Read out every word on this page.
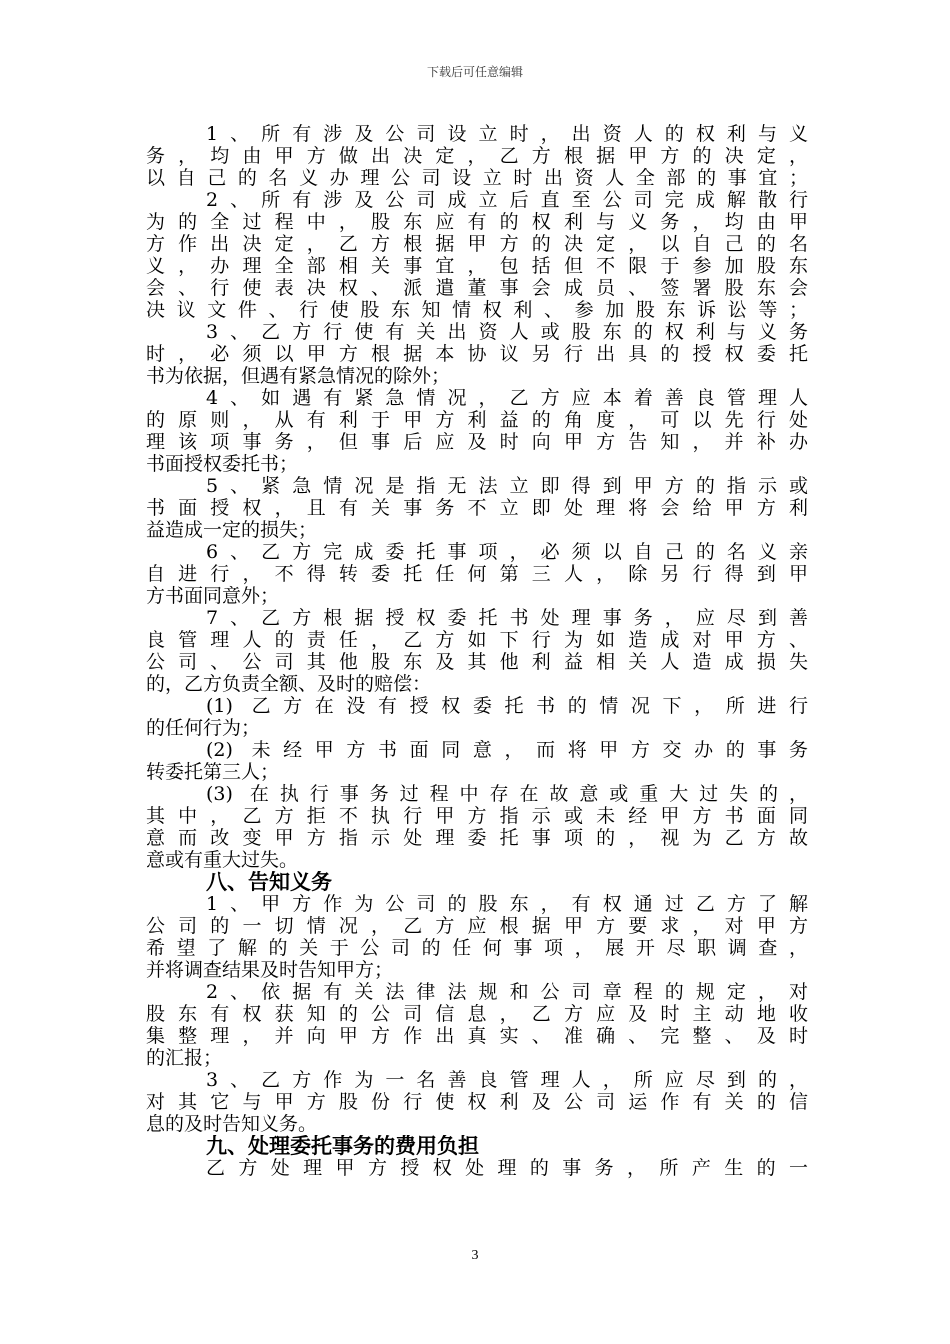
下载后可任意编辑
1、所有涉及公司设立时，出资人的权利与义
务，均由甲方做出决定，乙方根据甲方的决定，
以自己的名义办理公司设立时出资人全部的事宜；
2、所有涉及公司成立后直至公司完成解散行
为的全过程中，股东应有的权利与义务，均由甲
方作出决定，乙方根据甲方的决定，以自己的名
义，办理全部相关事宜，包括但不限于参加股东
会、行使表决权、派遣董事会成员、签署股东会
决议文件、行使股东知情权利、参加股东诉讼等；
3、乙方行使有关出资人或股东的权利与义务
时，必须以甲方根据本协议另行出具的授权委托
书为依据，但遇有紧急情况的除外；
4、如遇有紧急情况，乙方应本着善良管理人
的原则，从有利于甲方利益的角度，可以先行处
理该项事务，但事后应及时向甲方告知，并补办
书面授权委托书；
5、紧急情况是指无法立即得到甲方的指示或
书面授权，且有关事务不立即处理将会给甲方利
益造成一定的损失；
6、乙方完成委托事项，必须以自己的名义亲
自进行，不得转委托任何第三人，除另行得到甲
方书面同意外；
7、乙方根据授权委托书处理事务，应尽到善
良管理人的责任，乙方如下行为如造成对甲方、
公司、公司其他股东及其他利益相关人造成损失
的，乙方负责全额、及时的赔偿：
(1) 乙方在没有授权委托书的情况下，所进行
的任何行为；
(2) 未经甲方书面同意，而将甲方交办的事务
转委托第三人；
(3) 在执行事务过程中存在故意或重大过失的，
其中，乙方拒不执行甲方指示或未经甲方书面同
意而改变甲方指示处理委托事项的，视为乙方故
意或有重大过失。
八、告知义务
1、甲方作为公司的股东，有权通过乙方了解
公司的一切情况，乙方应根据甲方要求，对甲方
希望了解的关于公司的任何事项，展开尽职调查，
并将调查结果及时告知甲方；
2、依据有关法律法规和公司章程的规定，对
股东有权获知的公司信息，乙方应及时主动地收
集整理，并向甲方作出真实、准确、完整、及时
的汇报；
3、乙方作为一名善良管理人，所应尽到的，
对其它与甲方股份行使权利及公司运作有关的信
息的及时告知义务。
九、处理委托事务的费用负担
乙方处理甲方授权处理的事务，所产生的一
3
